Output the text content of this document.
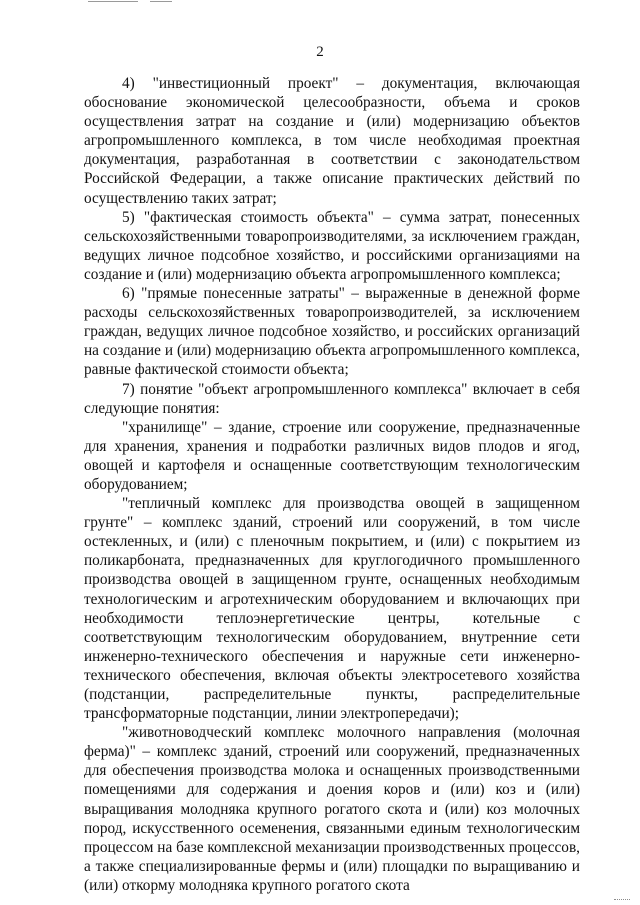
2

4) "инвестиционный проект" – документация, включающая обоснование экономической целесообразности, объема и сроков осуществления затрат на создание и (или) модернизацию объектов агропромышленного комплекса, в том числе необходимая проектная документация, разработанная в соответствии с законодательством Российской Федерации, а также описание практических действий по осуществлению таких затрат;

5) "фактическая стоимость объекта" – сумма затрат, понесенных сельскохозяйственными товаропроизводителями, за исключением граждан, ведущих личное подсобное хозяйство, и российскими организациями на создание и (или) модернизацию объекта агропромышленного комплекса;

6) "прямые понесенные затраты" – выраженные в денежной форме расходы сельскохозяйственных товаропроизводителей, за исключением граждан, ведущих личное подсобное хозяйство, и российских организаций на создание и (или) модернизацию объекта агропромышленного комплекса, равные фактической стоимости объекта;

7) понятие "объект агропромышленного комплекса" включает в себя следующие понятия:

"хранилище" – здание, строение или сооружение, предназначенные для хранения, хранения и подработки различных видов плодов и ягод, овощей и картофеля и оснащенные соответствующим технологическим оборудованием;

"тепличный комплекс для производства овощей в защищенном грунте" – комплекс зданий, строений или сооружений, в том числе остекленных, и (или) с пленочным покрытием, и (или) с покрытием из поликарбоната, предназначенных для круглогодичного промышленного производства овощей в защищенном грунте, оснащенных необходимым технологическим и агротехническим оборудованием и включающих при необходимости теплоэнергетические центры, котельные с соответствующим технологическим оборудованием, внутренние сети инженерно-технического обеспечения и наружные сети инженерно-технического обеспечения, включая объекты электросетевого хозяйства (подстанции, распределительные пункты, распределительные трансформаторные подстанции, линии электропередачи);

"животноводческий комплекс молочного направления (молочная ферма)" – комплекс зданий, строений или сооружений, предназначенных для обеспечения производства молока и оснащенных производственными помещениями для содержания и доения коров и (или) коз и (или) выращивания молодняка крупного рогатого скота и (или) коз молочных пород, искусственного осеменения, связанными единым технологическим процессом на базе комплексной механизации производственных процессов, а также специализированные фермы и (или) площадки по выращиванию и (или) откорму молодняка крупного рогатого скота
